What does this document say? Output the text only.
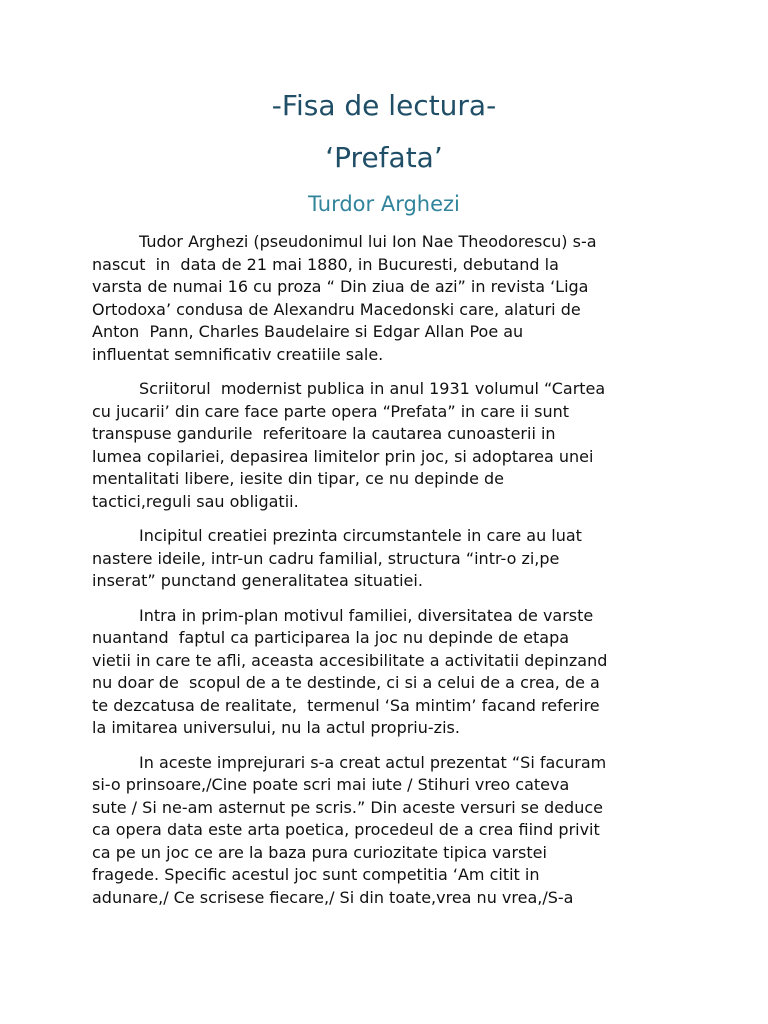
-Fisa de lectura-
‘Prefata’
Turdor Arghezi

Tudor Arghezi (pseudonimul lui Ion Nae Theodorescu) s-a
nascut  in  data de 21 mai 1880, in Bucuresti, debutand la
varsta de numai 16 cu proza “ Din ziua de azi” in revista ‘Liga
Ortodoxa’ condusa de Alexandru Macedonski care, alaturi de
Anton  Pann, Charles Baudelaire si Edgar Allan Poe au
influentat semnificativ creatiile sale.

Scriitorul  modernist publica in anul 1931 volumul “Cartea
cu jucarii’ din care face parte opera “Prefata” in care ii sunt
transpuse gandurile  referitoare la cautarea cunoasterii in
lumea copilariei, depasirea limitelor prin joc, si adoptarea unei
mentalitati libere, iesite din tipar, ce nu depinde de
tactici,reguli sau obligatii.

Incipitul creatiei prezinta circumstantele in care au luat
nastere ideile, intr-un cadru familial, structura “intr-o zi,pe
inserat” punctand generalitatea situatiei.

Intra in prim-plan motivul familiei, diversitatea de varste
nuantand  faptul ca participarea la joc nu depinde de etapa
vietii in care te afli, aceasta accesibilitate a activitatii depinzand
nu doar de  scopul de a te destinde, ci si a celui de a crea, de a
te dezcatusa de realitate,  termenul ‘Sa mintim’ facand referire
la imitarea universului, nu la actul propriu-zis.

In aceste imprejurari s-a creat actul prezentat “Si facuram
si-o prinsoare,/Cine poate scri mai iute / Stihuri vreo cateva
sute / Si ne-am asternut pe scris.” Din aceste versuri se deduce
ca opera data este arta poetica, procedeul de a crea fiind privit
ca pe un joc ce are la baza pura curiozitate tipica varstei
fragede. Specific acestul joc sunt competitia ‘Am citit in
adunare,/ Ce scrisese fiecare,/ Si din toate,vrea nu vrea,/S-a
